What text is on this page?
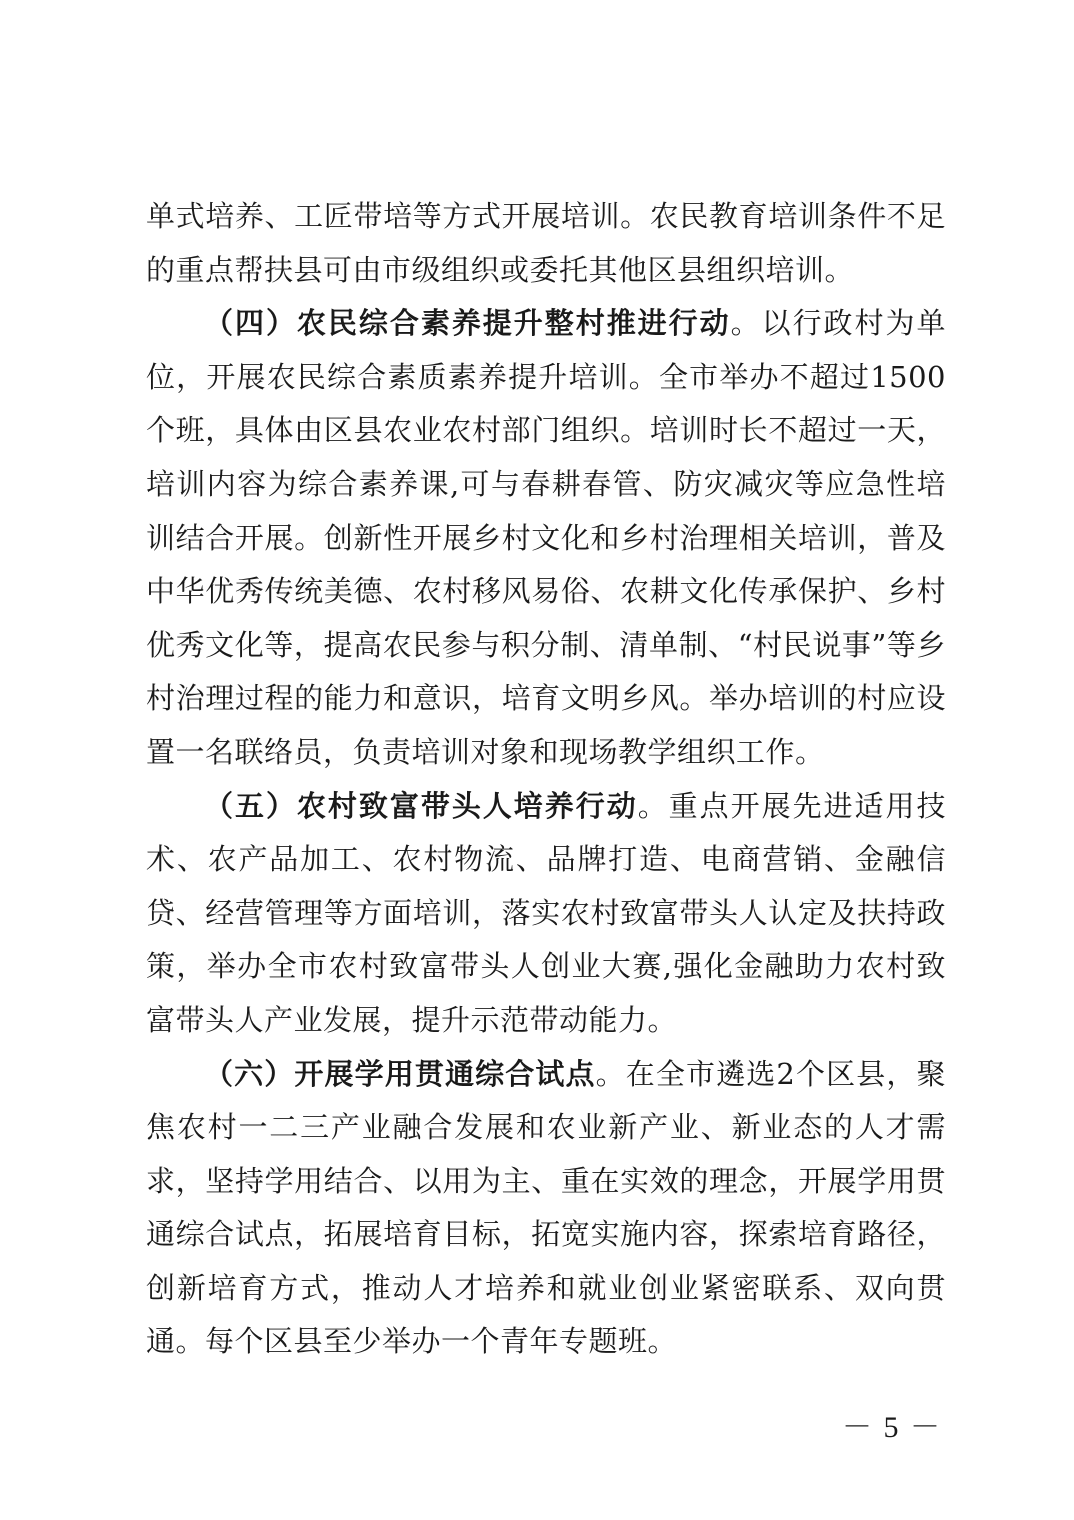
单式培养、工匠带培等方式开展培训。农民教育培训条件不足的重点帮扶县可由市级组织或委托其他区县组织培训。

（四）农民综合素养提升整村推进行动。以行政村为单位，开展农民综合素质素养提升培训。全市举办不超过1500个班，具体由区县农业农村部门组织。培训时长不超过一天，培训内容为综合素养课,可与春耕春管、防灾减灾等应急性培训结合开展。创新性开展乡村文化和乡村治理相关培训，普及中华优秀传统美德、农村移风易俗、农耕文化传承保护、乡村优秀文化等，提高农民参与积分制、清单制、“村民说事”等乡村治理过程的能力和意识，培育文明乡风。举办培训的村应设置一名联络员，负责培训对象和现场教学组织工作。

（五）农村致富带头人培养行动。重点开展先进适用技术、农产品加工、农村物流、品牌打造、电商营销、金融信贷、经营管理等方面培训，落实农村致富带头人认定及扶持政策，举办全市农村致富带头人创业大赛,强化金融助力农村致富带头人产业发展，提升示范带动能力。

（六）开展学用贯通综合试点。在全市遴选2个区县，聚焦农村一二三产业融合发展和农业新产业、新业态的人才需求，坚持学用结合、以用为主、重在实效的理念，开展学用贯通综合试点，拓展培育目标，拓宽实施内容，探索培育路径，创新培育方式，推动人才培养和就业创业紧密联系、双向贯通。每个区县至少举办一个青年专题班。

－ 5 －
